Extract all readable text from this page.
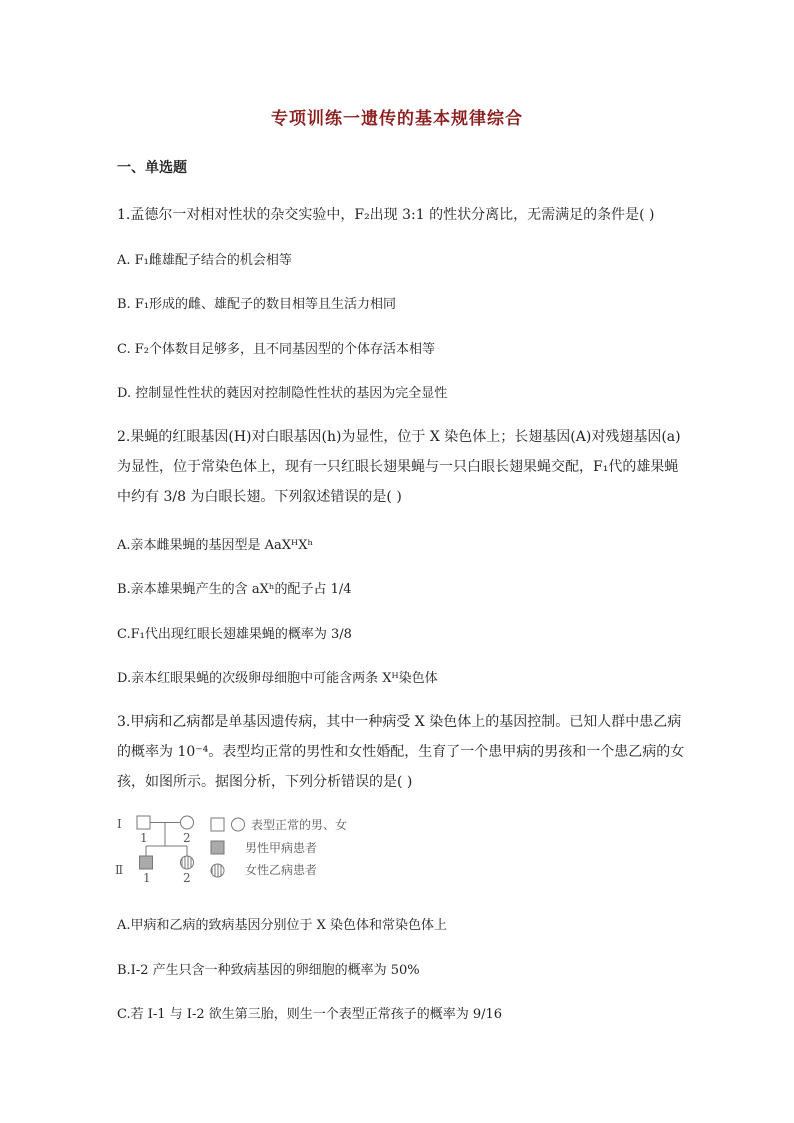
专项训练一遗传的基本规律综合
一、单选题
1.孟德尔一对相对性状的杂交实验中，F₂出现 3:1 的性状分离比，无需满足的条件是( )
A. F₁雌雄配子结合的机会相等
B. F₁形成的雌、雄配子的数目相等且生活力相同
C. F₂个体数目足够多，且不同基因型的个体存活本相等
D. 控制显性性状的蕤因对控制隐性性状的基因为完全显性
2.果蝇的红眼基因(H)对白眼基因(h)为显性，位于 X 染色体上；长翅基因(A)对残翅基因(a)
为显性，位于常染色体上，现有一只红眼长翅果蝇与一只白眼长翅果蝇交配，F₁代的雄果蝇
中约有 3/8 为白眼长翅。下列叙述错误的是( )
A.亲本雌果蝇的基因型是 AaXᴴXʰ
B.亲本雄果蝇产生的含 aXʰ的配子占 1/4
C.F₁代出现红眼长翅雄果蝇的概率为 3/8
D.亲本红眼果蝇的次级卵母细胞中可能含两条 Xᴴ染色体
3.甲病和乙病都是单基因遗传病，其中一种病受 X 染色体上的基因控制。已知人群中患乙病
的概率为 10⁻⁴。表型均正常的男性和女性婚配，生育了一个患甲病的男孩和一个患乙病的女
孩，如图所示。据图分析，下列分析错误的是( )
Ⅰ
Ⅱ
1	2
1	2
表型正常的男、女
男性甲病患者
女性乙病患者
A.甲病和乙病的致病基因分别位于 X 染色体和常染色体上
B.Ⅰ-2 产生只含一种致病基因的卵细胞的概率为 50%
C.若 Ⅰ-1 与 Ⅰ-2 欲生第三胎，则生一个表型正常孩子的概率为 9/16
